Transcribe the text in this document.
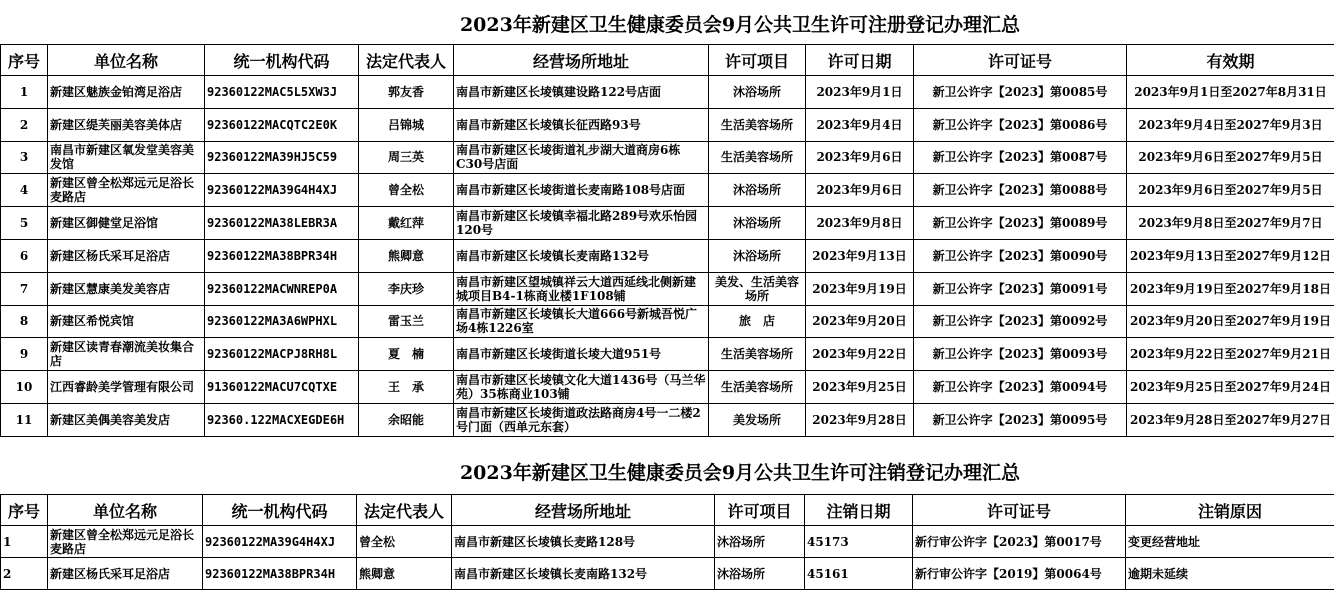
2023年新建区卫生健康委员会9月公共卫生许可注册登记办理汇总
序号	单位名称	统一机构代码	法定代表人	经营场所地址	许可项目	许可日期	许可证号	有效期
1	新建区魅族金铂湾足浴店	92360122MAC5L5XW3J	郭友香	南昌市新建区长堎镇建设路122号店面	沐浴场所	2023年9月1日	新卫公许字【2023】第0085号	2023年9月1日至2027年8月31日
2	新建区缇芙丽美容美体店	92360122MACQTC2E0K	吕锦城	南昌市新建区长堎镇长征西路93号	生活美容场所	2023年9月4日	新卫公许字【2023】第0086号	2023年9月4日至2027年9月3日
3	南昌市新建区氧发堂美容美发馆	92360122MA39HJ5C59	周三英	南昌市新建区长堎街道礼步湖大道商房6栋C30号店面	生活美容场所	2023年9月6日	新卫公许字【2023】第0087号	2023年9月6日至2027年9月5日
4	新建区曾全松郑远元足浴长麦路店	92360122MA39G4H4XJ	曾全松	南昌市新建区长堎街道长麦南路108号店面	沐浴场所	2023年9月6日	新卫公许字【2023】第0088号	2023年9月6日至2027年9月5日
5	新建区御健堂足浴馆	92360122MA38LEBR3A	戴红萍	南昌市新建区长堎镇幸福北路289号欢乐怡园120号	沐浴场所	2023年9月8日	新卫公许字【2023】第0089号	2023年9月8日至2027年9月7日
6	新建区杨氏采耳足浴店	92360122MA38BPR34H	熊卿意	南昌市新建区长堎镇长麦南路132号	沐浴场所	2023年9月13日	新卫公许字【2023】第0090号	2023年9月13日至2027年9月12日
7	新建区慧康美发美容店	92360122MACWNREP0A	李庆珍	南昌市新建区望城镇祥云大道西延线北侧新建城项目B4-1栋商业楼1F108铺	美发、生活美容场所	2023年9月19日	新卫公许字【2023】第0091号	2023年9月19日至2027年9月18日
8	新建区希悦宾馆	92360122MA3A6WPHXL	雷玉兰	南昌市新建区长堎镇长大道666号新城吾悦广场4栋1226室	旅　店	2023年9月20日	新卫公许字【2023】第0092号	2023年9月20日至2027年9月19日
9	新建区读青春潮流美妆集合店	92360122MACPJ8RH8L	夏　楠	南昌市新建区长堎街道长堎大道951号	生活美容场所	2023年9月22日	新卫公许字【2023】第0093号	2023年9月22日至2027年9月21日
10	江西睿龄美学管理有限公司	91360122MACU7CQTXE	王　承	南昌市新建区长堎镇文化大道1436号（马兰华苑）35栋商业103铺	生活美容场所	2023年9月25日	新卫公许字【2023】第0094号	2023年9月25日至2027年9月24日
11	新建区美偶美容美发店	92360.122MACXEGDE6H	余昭能	南昌市新建区长堎街道政法路商房4号一二楼2号门面（西单元东套）	美发场所	2023年9月28日	新卫公许字【2023】第0095号	2023年9月28日至2027年9月27日
2023年新建区卫生健康委员会9月公共卫生许可注销登记办理汇总
序号	单位名称	统一机构代码	法定代表人	经营场所地址	许可项目	注销日期	许可证号	注销原因
1	新建区曾全松郑远元足浴长麦路店	92360122MA39G4H4XJ	曾全松	南昌市新建区长堎镇长麦路128号	沐浴场所	45173	新行审公许字【2023】第0017号	变更经营地址
2	新建区杨氏采耳足浴店	92360122MA38BPR34H	熊卿意	南昌市新建区长堎镇长麦南路132号	沐浴场所	45161	新行审公许字【2019】第0064号	逾期未延续
